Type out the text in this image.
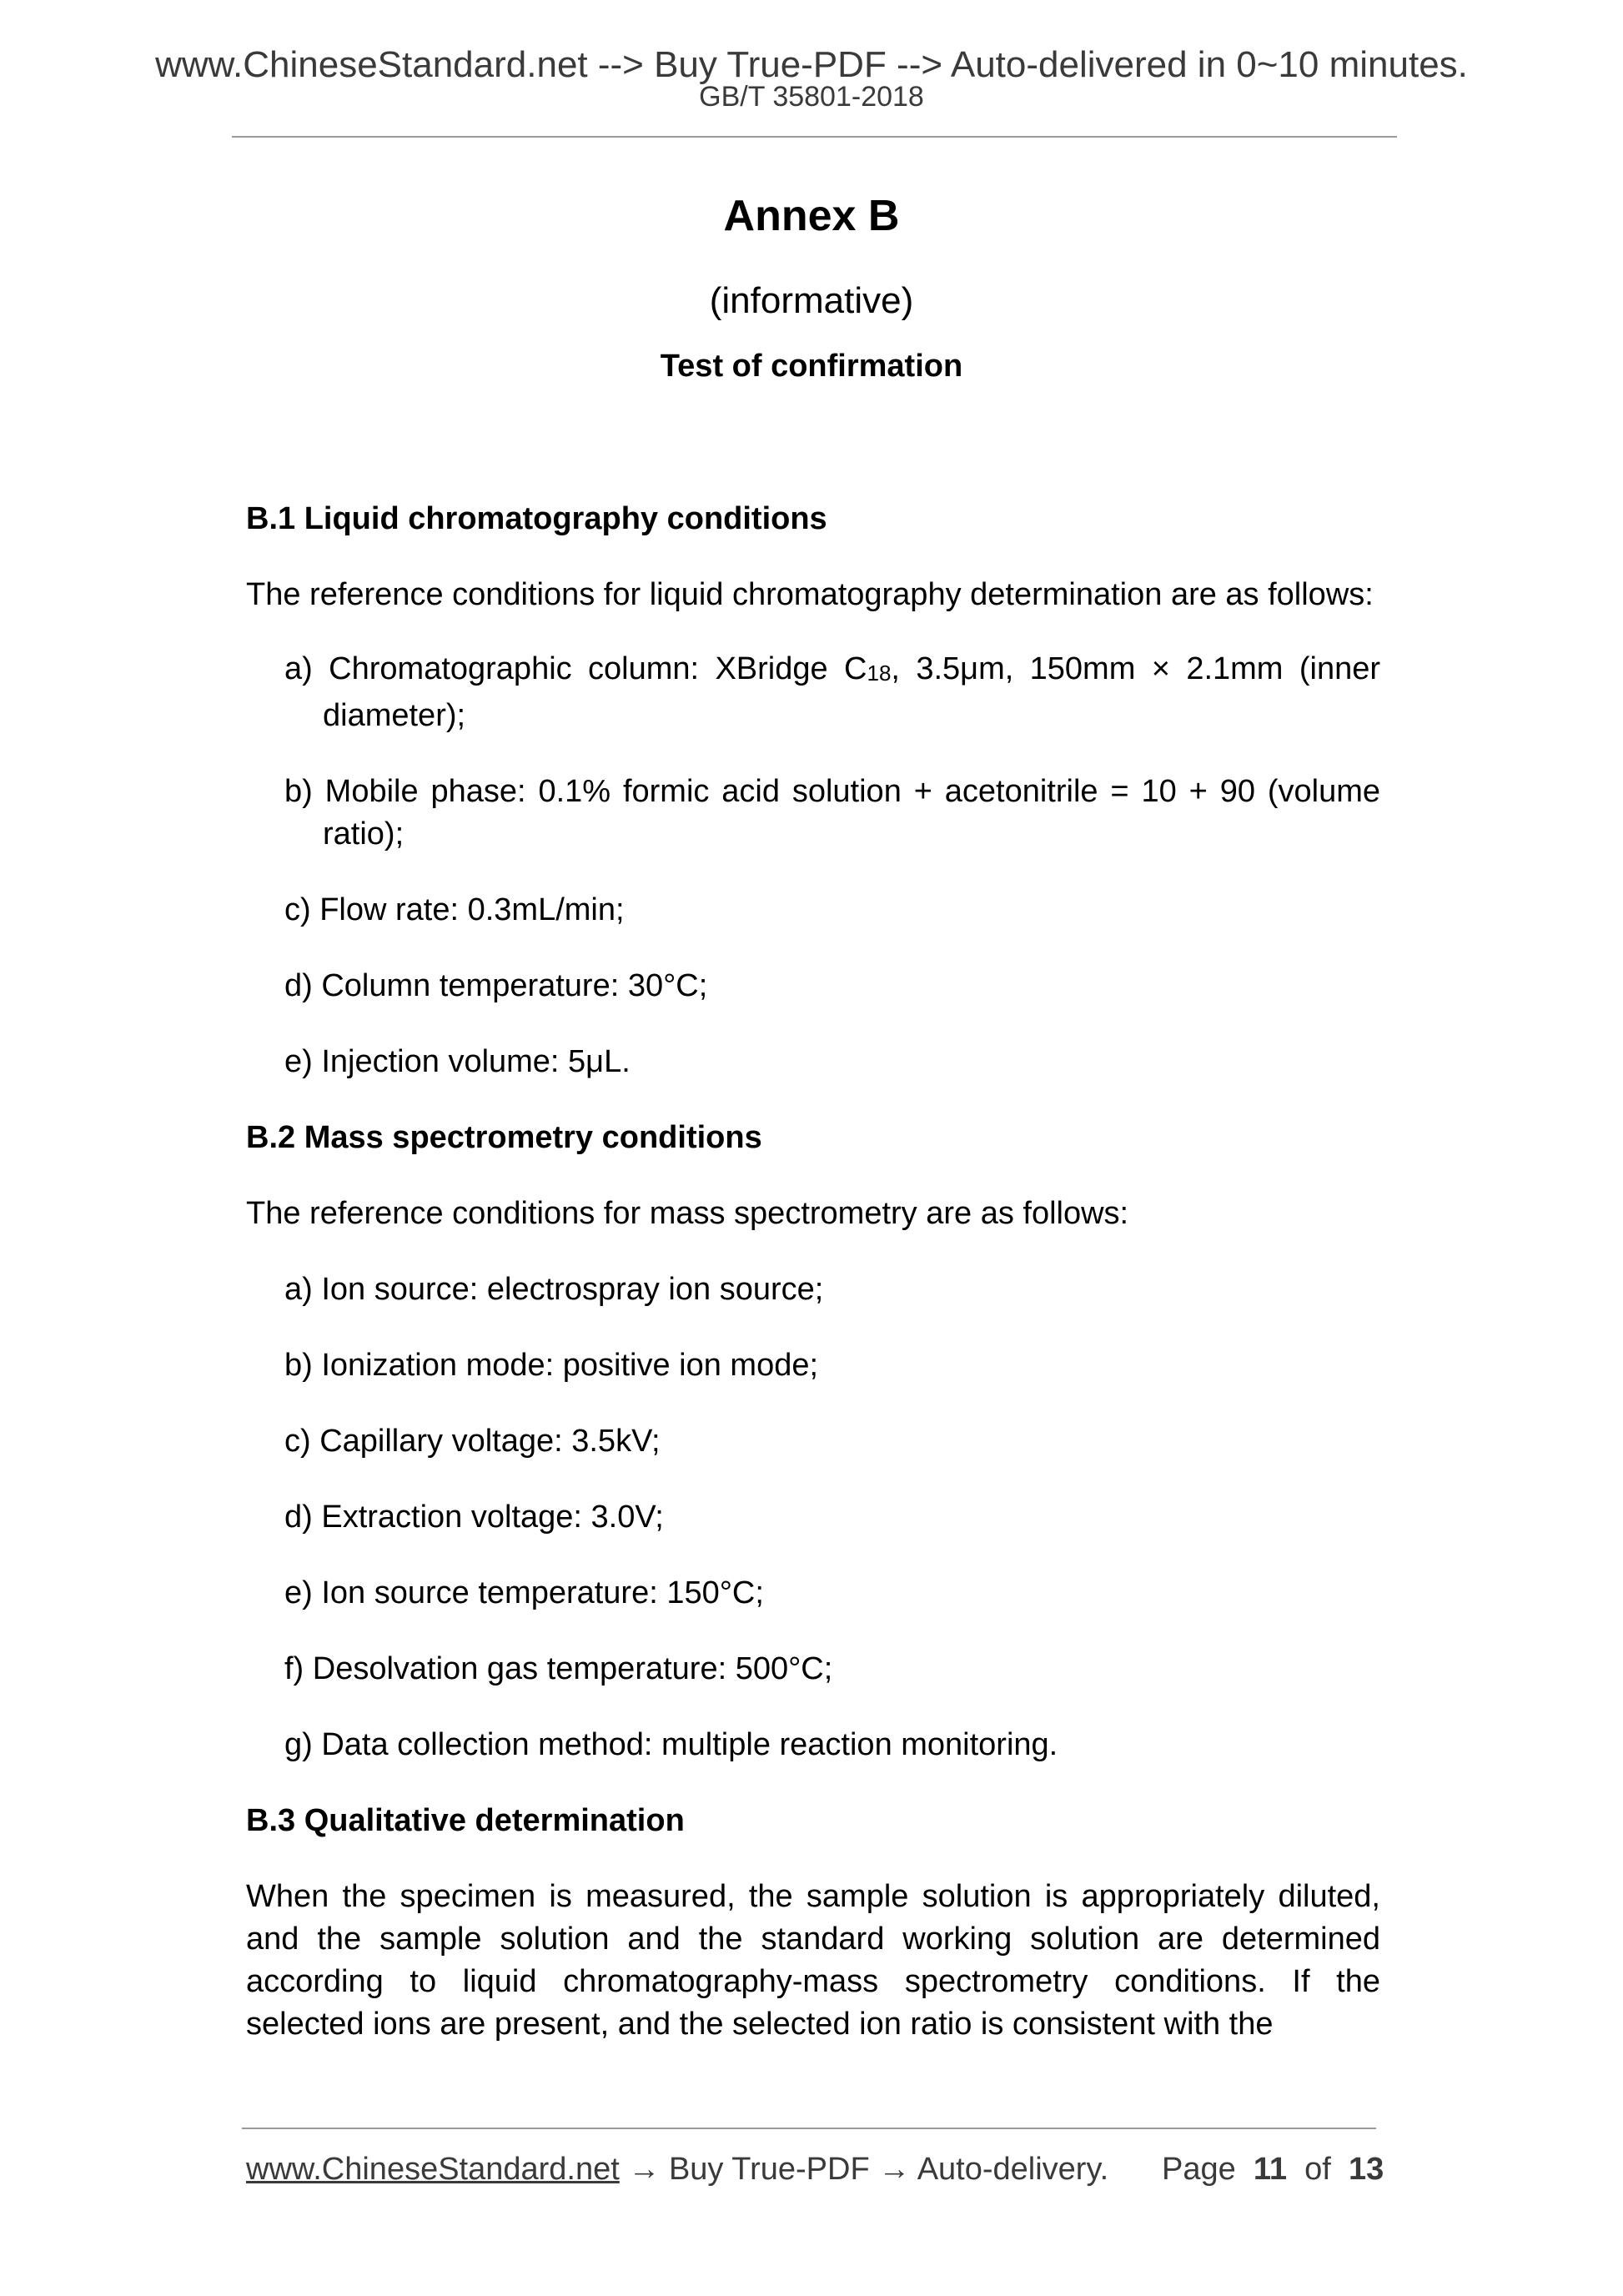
www.ChineseStandard.net --> Buy True-PDF --> Auto-delivered in 0~10 minutes.
GB/T 35801-2018
Annex B
(informative)
Test of confirmation
B.1 Liquid chromatography conditions

The reference conditions for liquid chromatography determination are as follows:

a) Chromatographic column: XBridge C18, 3.5μm, 150mm × 2.1mm (inner diameter);
b) Mobile phase: 0.1% formic acid solution + acetonitrile = 10 + 90 (volume ratio);
c) Flow rate: 0.3mL/min;
d) Column temperature: 30°C;
e) Injection volume: 5μL.
B.2 Mass spectrometry conditions

The reference conditions for mass spectrometry are as follows:

a) Ion source: electrospray ion source;
b) Ionization mode: positive ion mode;
c) Capillary voltage: 3.5kV;
d) Extraction voltage: 3.0V;
e) Ion source temperature: 150°C;
f) Desolvation gas temperature: 500°C;
g) Data collection method: multiple reaction monitoring.
B.3 Qualitative determination

When the specimen is measured, the sample solution is appropriately diluted, and the sample solution and the standard working solution are determined according to liquid chromatography-mass spectrometry conditions. If the selected ions are present, and the selected ion ratio is consistent with the

www.ChineseStandard.net → Buy True-PDF → Auto-delivery. Page 11 of 13
